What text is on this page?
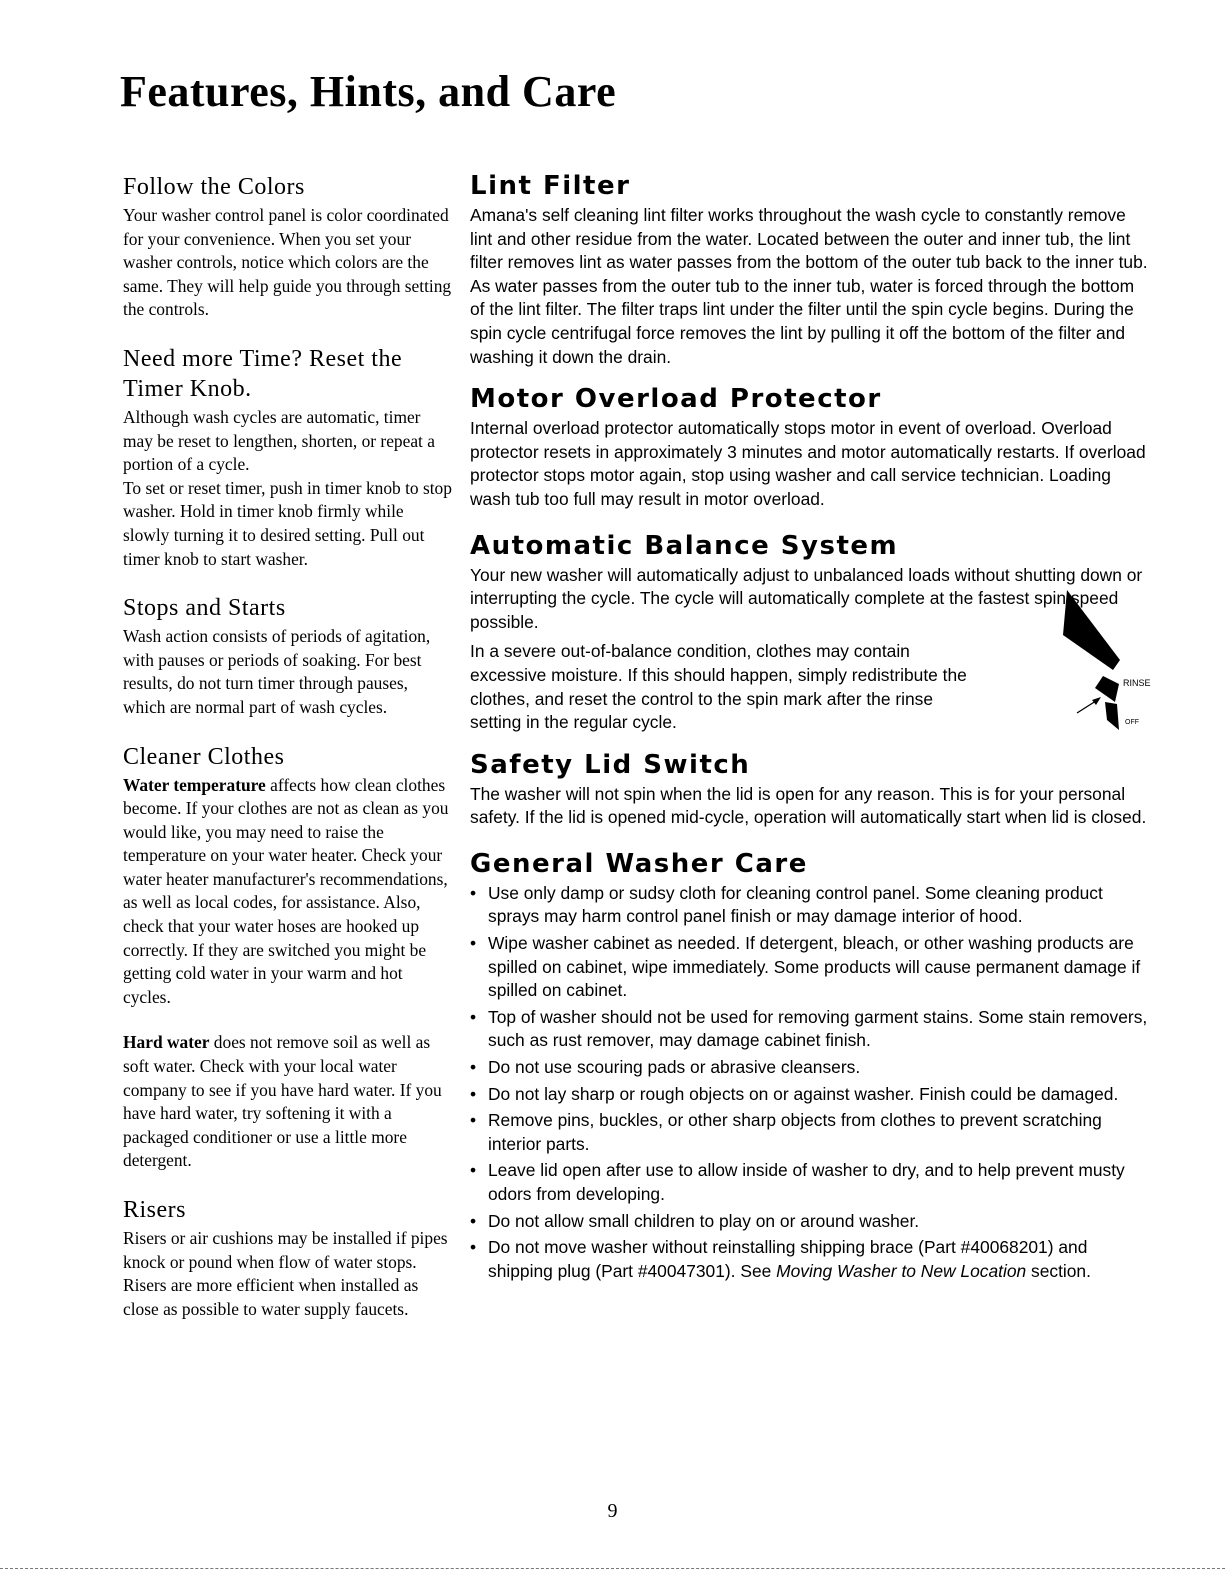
Features, Hints, and Care
Follow the Colors

Your washer control panel is color coordinated for your convenience. When you set your washer controls, notice which colors are the same. They will help guide you through setting the controls.

Need more Time? Reset the Timer Knob.

Although wash cycles are automatic, timer may be reset to lengthen, shorten, or repeat a portion of a cycle.

To set or reset timer, push in timer knob to stop washer. Hold in timer knob firmly while slowly turning it to desired setting. Pull out timer knob to start washer.

Stops and Starts

Wash action consists of periods of agitation, with pauses or periods of soaking. For best results, do not turn timer through pauses, which are normal part of wash cycles.

Cleaner Clothes

Water temperature affects how clean clothes become. If your clothes are not as clean as you would like, you may need to raise the temperature on your water heater. Check your water heater manufacturer's recommendations, as well as local codes, for assistance. Also, check that your water hoses are hooked up correctly. If they are switched you might be getting cold water in your warm and hot cycles.

Hard water does not remove soil as well as soft water. Check with your local water company to see if you have hard water. If you have hard water, try softening it with a packaged conditioner or use a little more detergent.

Risers

Risers or air cushions may be installed if pipes knock or pound when flow of water stops. Risers are more efficient when installed as close as possible to water supply faucets.

Lint Filter

Amana's self cleaning lint filter works throughout the wash cycle to constantly remove lint and other residue from the water. Located between the outer and inner tub, the lint filter removes lint as water passes from the bottom of the outer tub back to the inner tub. As water passes from the outer tub to the inner tub, water is forced through the bottom of the lint filter. The filter traps lint under the filter until the spin cycle begins. During the spin cycle centrifugal force removes the lint by pulling it off the bottom of the filter and washing it down the drain.

Motor Overload Protector

Internal overload protector automatically stops motor in event of overload. Overload protector resets in approximately 3 minutes and motor automatically restarts. If overload protector stops motor again, stop using washer and call service technician. Loading wash tub too full may result in motor overload.

Automatic Balance System

Your new washer will automatically adjust to unbalanced loads without shutting down or interrupting the cycle. The cycle will automatically complete at the fastest spin speed possible.

In a severe out-of-balance condition, clothes may contain excessive moisture. If this should happen, simply redistribute the clothes, and reset the control to the spin mark after the rinse setting in the regular cycle.

RINSE
OFF
Safety Lid Switch

The washer will not spin when the lid is open for any reason. This is for your personal safety. If the lid is opened mid-cycle, operation will automatically start when lid is closed.

General Washer Care
• Use only damp or sudsy cloth for cleaning control panel. Some cleaning product sprays may harm control panel finish or may damage interior of hood.
• Wipe washer cabinet as needed. If detergent, bleach, or other washing products are spilled on cabinet, wipe immediately. Some products will cause permanent damage if spilled on cabinet.
• Top of washer should not be used for removing garment stains. Some stain removers, such as rust remover, may damage cabinet finish.
• Do not use scouring pads or abrasive cleansers.
• Do not lay sharp or rough objects on or against washer. Finish could be damaged.
• Remove pins, buckles, or other sharp objects from clothes to prevent scratching interior parts.
• Leave lid open after use to allow inside of washer to dry, and to help prevent musty odors from developing.
• Do not allow small children to play on or around washer.
• Do not move washer without reinstalling shipping brace (Part #40068201) and shipping plug (Part #40047301). See Moving Washer to New Location section.
9
